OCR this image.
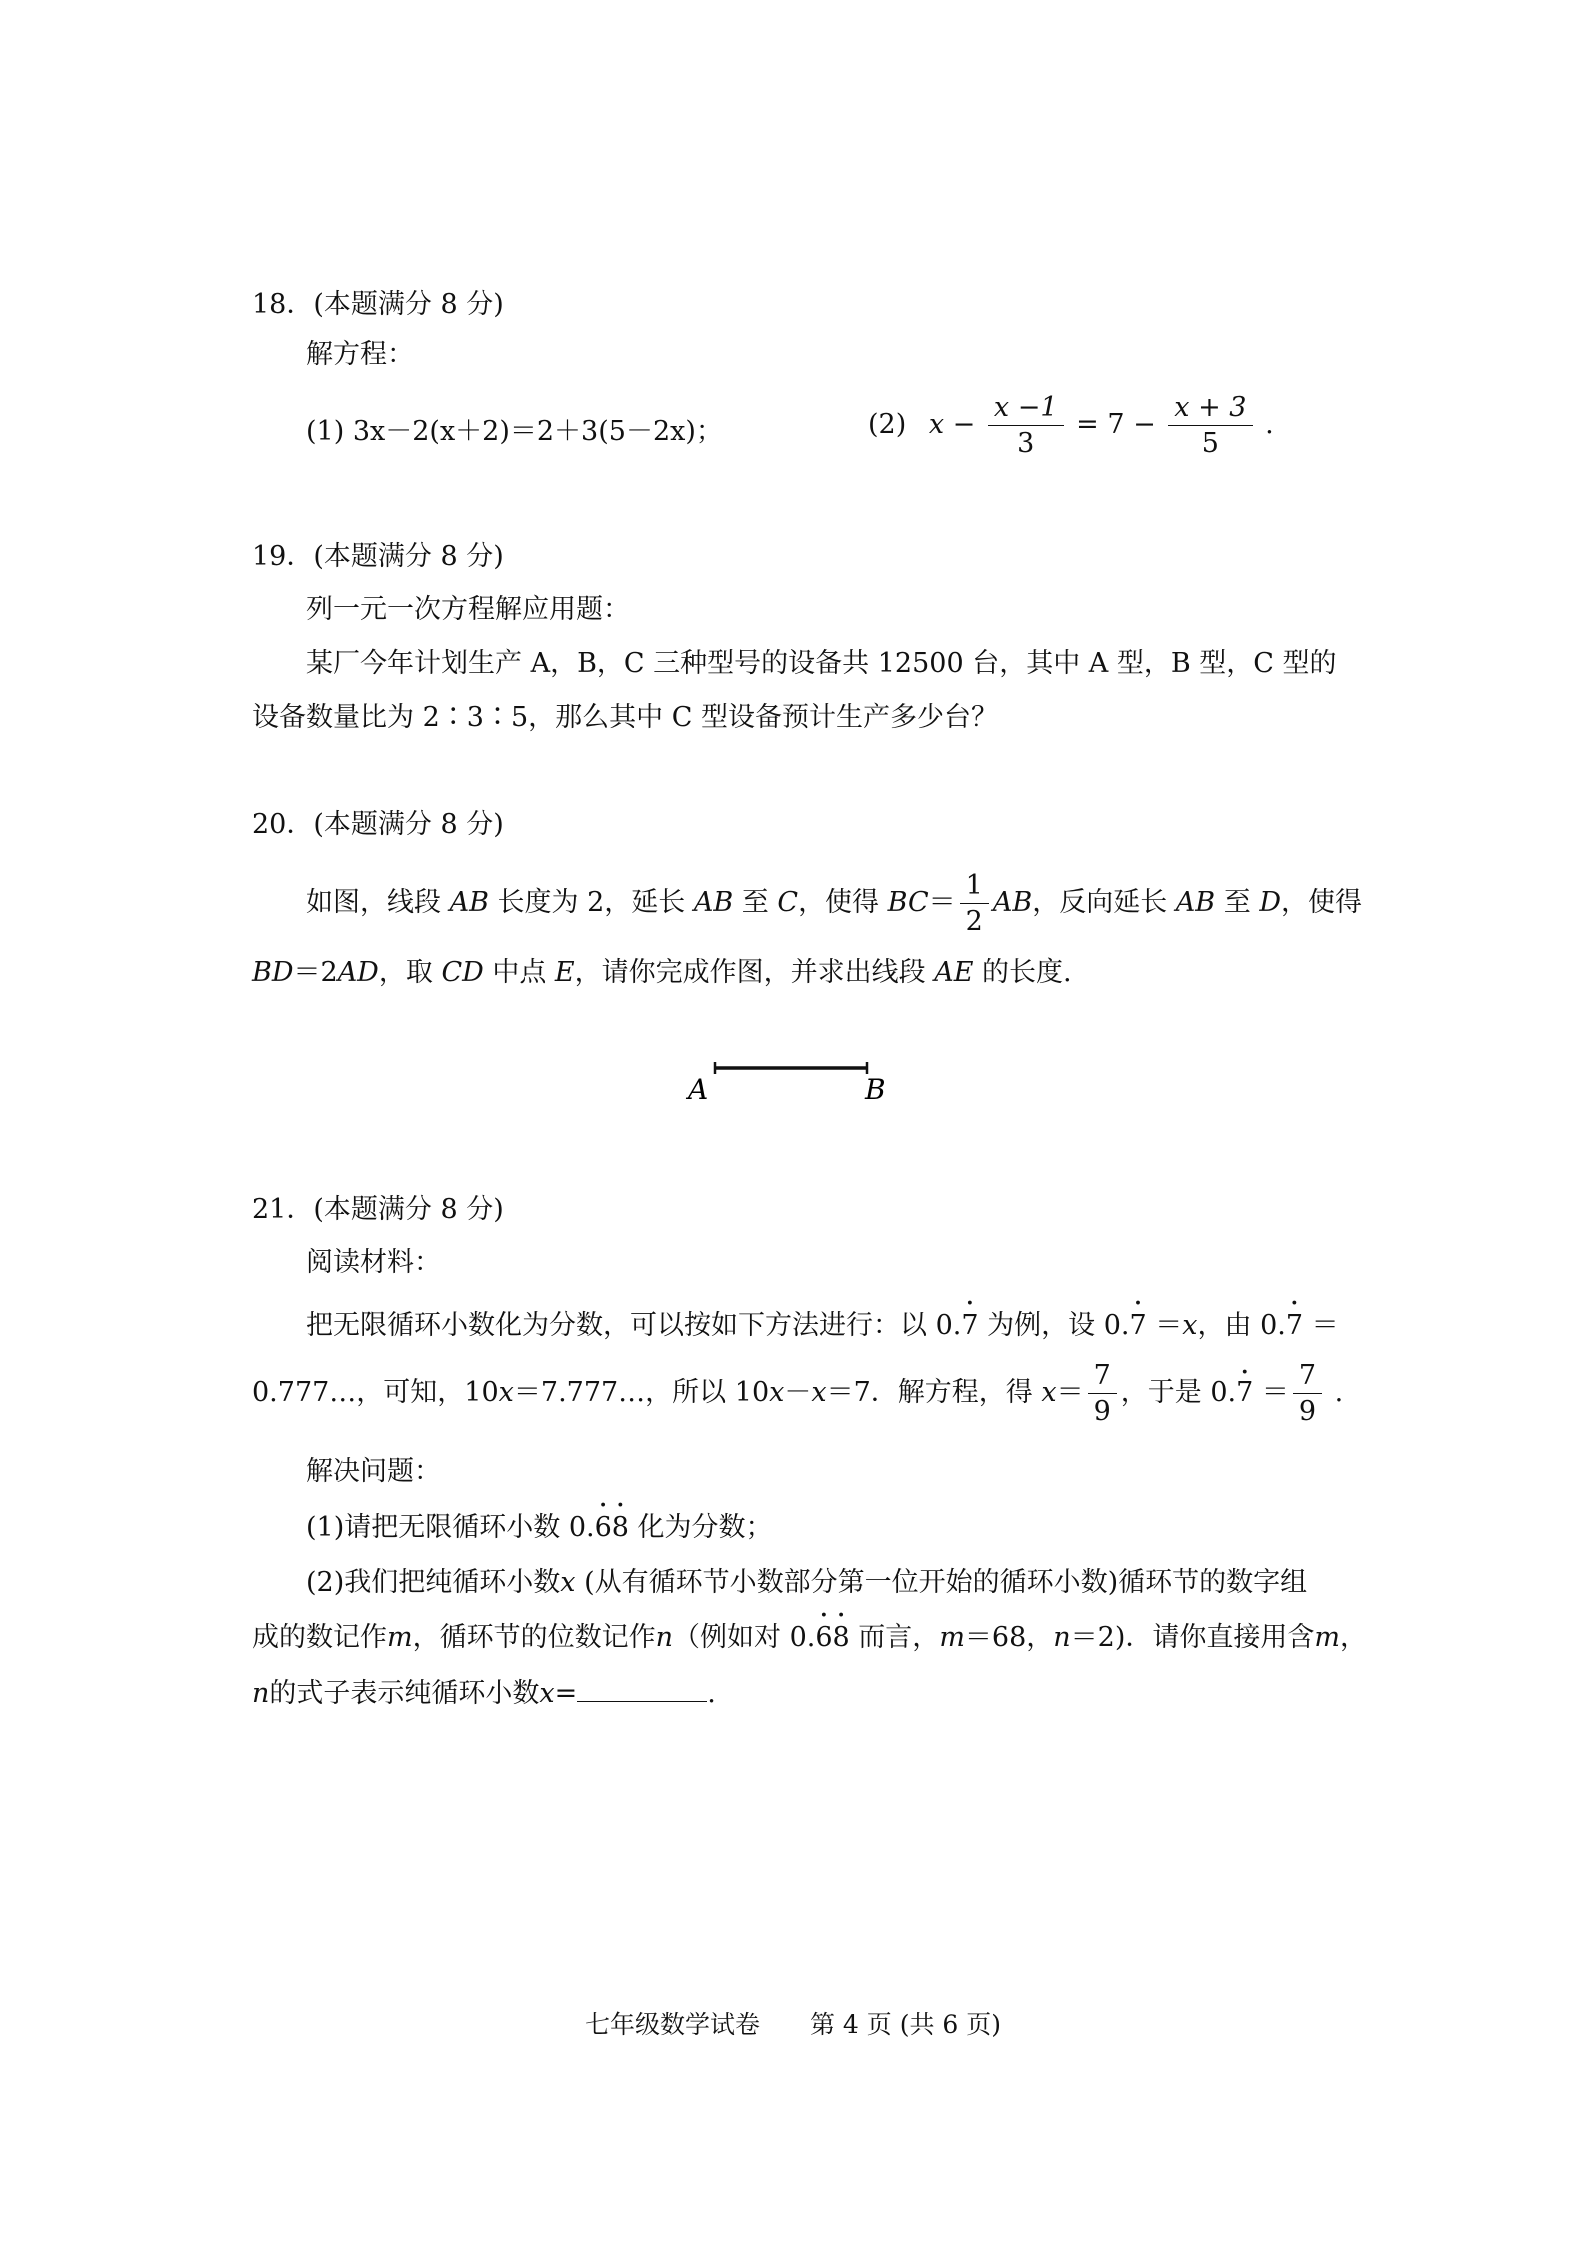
18．(本题满分 8 分)
解方程：
(1) 3x－2(x＋2)＝2＋3(5－2x)；	(2) $x - \frac{x -1}{3} = 7 - \frac{x + 3}{5}$ .
19．(本题满分 8 分)
列一元一次方程解应用题：
某厂今年计划生产 A，B，C 三种型号的设备共 12500 台，其中 A 型，B 型，C 型的
设备数量比为 2∶3∶5，那么其中 C 型设备预计生产多少台？
20．(本题满分 8 分)
如图，线段 AB 长度为 2，延长 AB 至 C，使得 $BC= \frac{1}{2}$ AB，反向延长 AB 至 D，使得
BD＝2AD，取 CD 中点 E，请你完成作图，并求出线段 AE 的长度.
A	B
21．(本题满分 8 分)
阅读材料：
把无限循环小数化为分数，可以按如下方法进行：以 0.7 · 为例，设 0.7 · ＝x，由 0.7 · ＝
0.777…，可知，10x＝7.777…，所以 10x－x＝7．解方程，得 $x= \frac{7}{9}$ ，于是 0.7 · ＝ $\frac{7}{9}$ .
解决问题：
(1)请把无限循环小数 0.6 ·8 · 化为分数；
(2)我们把纯循环小数x (从有循环节小数部分第一位开始的循环小数)循环节的数字组
成的数记作m，循环节的位数记作n（例如对 0.6 ·8 · 而言，m＝68，n＝2)．请你直接用含m，
n的式子表示纯循环小数x=	.
七年级数学试卷　　第 4 页 (共 6 页)
